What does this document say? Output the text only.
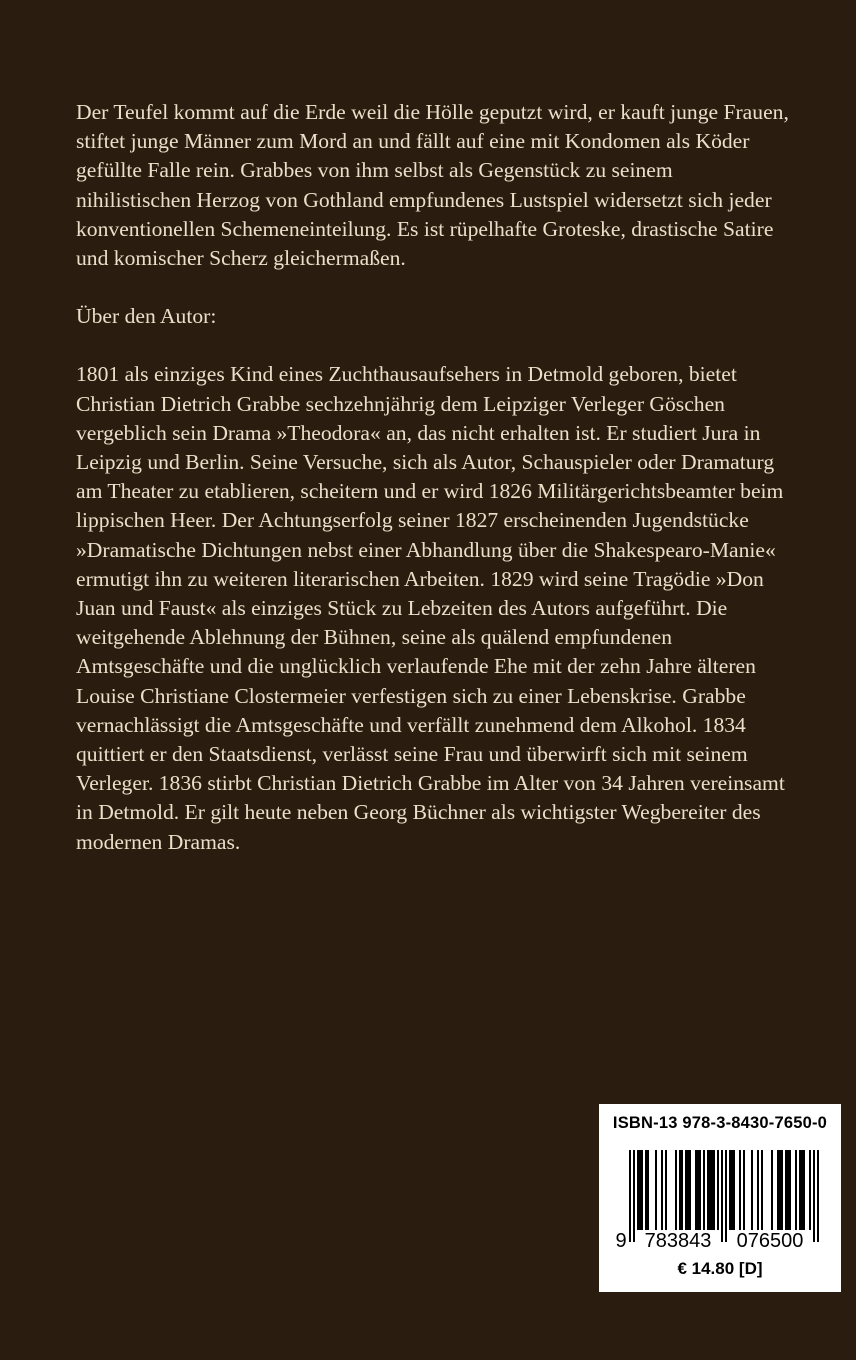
Der Teufel kommt auf die Erde weil die Hölle geputzt wird, er kauft junge Frauen, stiftet junge Männer zum Mord an und fällt auf eine mit Kondomen als Köder gefüllte Falle rein. Grabbes von ihm selbst als Gegenstück zu seinem nihilistischen Herzog von Gothland empfundenes Lustspiel widersetzt sich jeder konventionellen Schemeneinteilung. Es ist rüpelhafte Groteske, drastische Satire und komischer Scherz gleichermaßen.

Über den Autor:

1801 als einziges Kind eines Zuchthausaufsehers in Detmold geboren, bietet Christian Dietrich Grabbe sechzehnjährig dem Leipziger Verleger Göschen vergeblich sein Drama »Theodora« an, das nicht erhalten ist. Er studiert Jura in Leipzig und Berlin. Seine Versuche, sich als Autor, Schauspieler oder Dramaturg am Theater zu etablieren, scheitern und er wird 1826 Militärgerichtsbeamter beim lippischen Heer. Der Achtungserfolg seiner 1827 erscheinenden Jugendstücke »Dramatische Dichtungen nebst einer Abhandlung über die Shakespearo-Manie« ermutigt ihn zu weiteren literarischen Arbeiten. 1829 wird seine Tragödie »Don Juan und Faust« als einziges Stück zu Lebzeiten des Autors aufgeführt. Die weitgehende Ablehnung der Bühnen, seine als quälend empfundenen Amtsgeschäfte und die unglücklich verlaufende Ehe mit der zehn Jahre älteren Louise Christiane Clostermeier verfestigen sich zu einer Lebenskrise. Grabbe vernachlässigt die Amtsgeschäfte und verfällt zunehmend dem Alkohol. 1834 quittiert er den Staatsdienst, verlässt seine Frau und überwirft sich mit seinem Verleger. 1836 stirbt Christian Dietrich Grabbe im Alter von 34 Jahren vereinsamt in Detmold. Er gilt heute neben Georg Büchner als wichtigster Wegbereiter des modernen Dramas.

ISBN-13 978-3-8430-7650-0
9 783843 076500
€ 14.80 [D]
